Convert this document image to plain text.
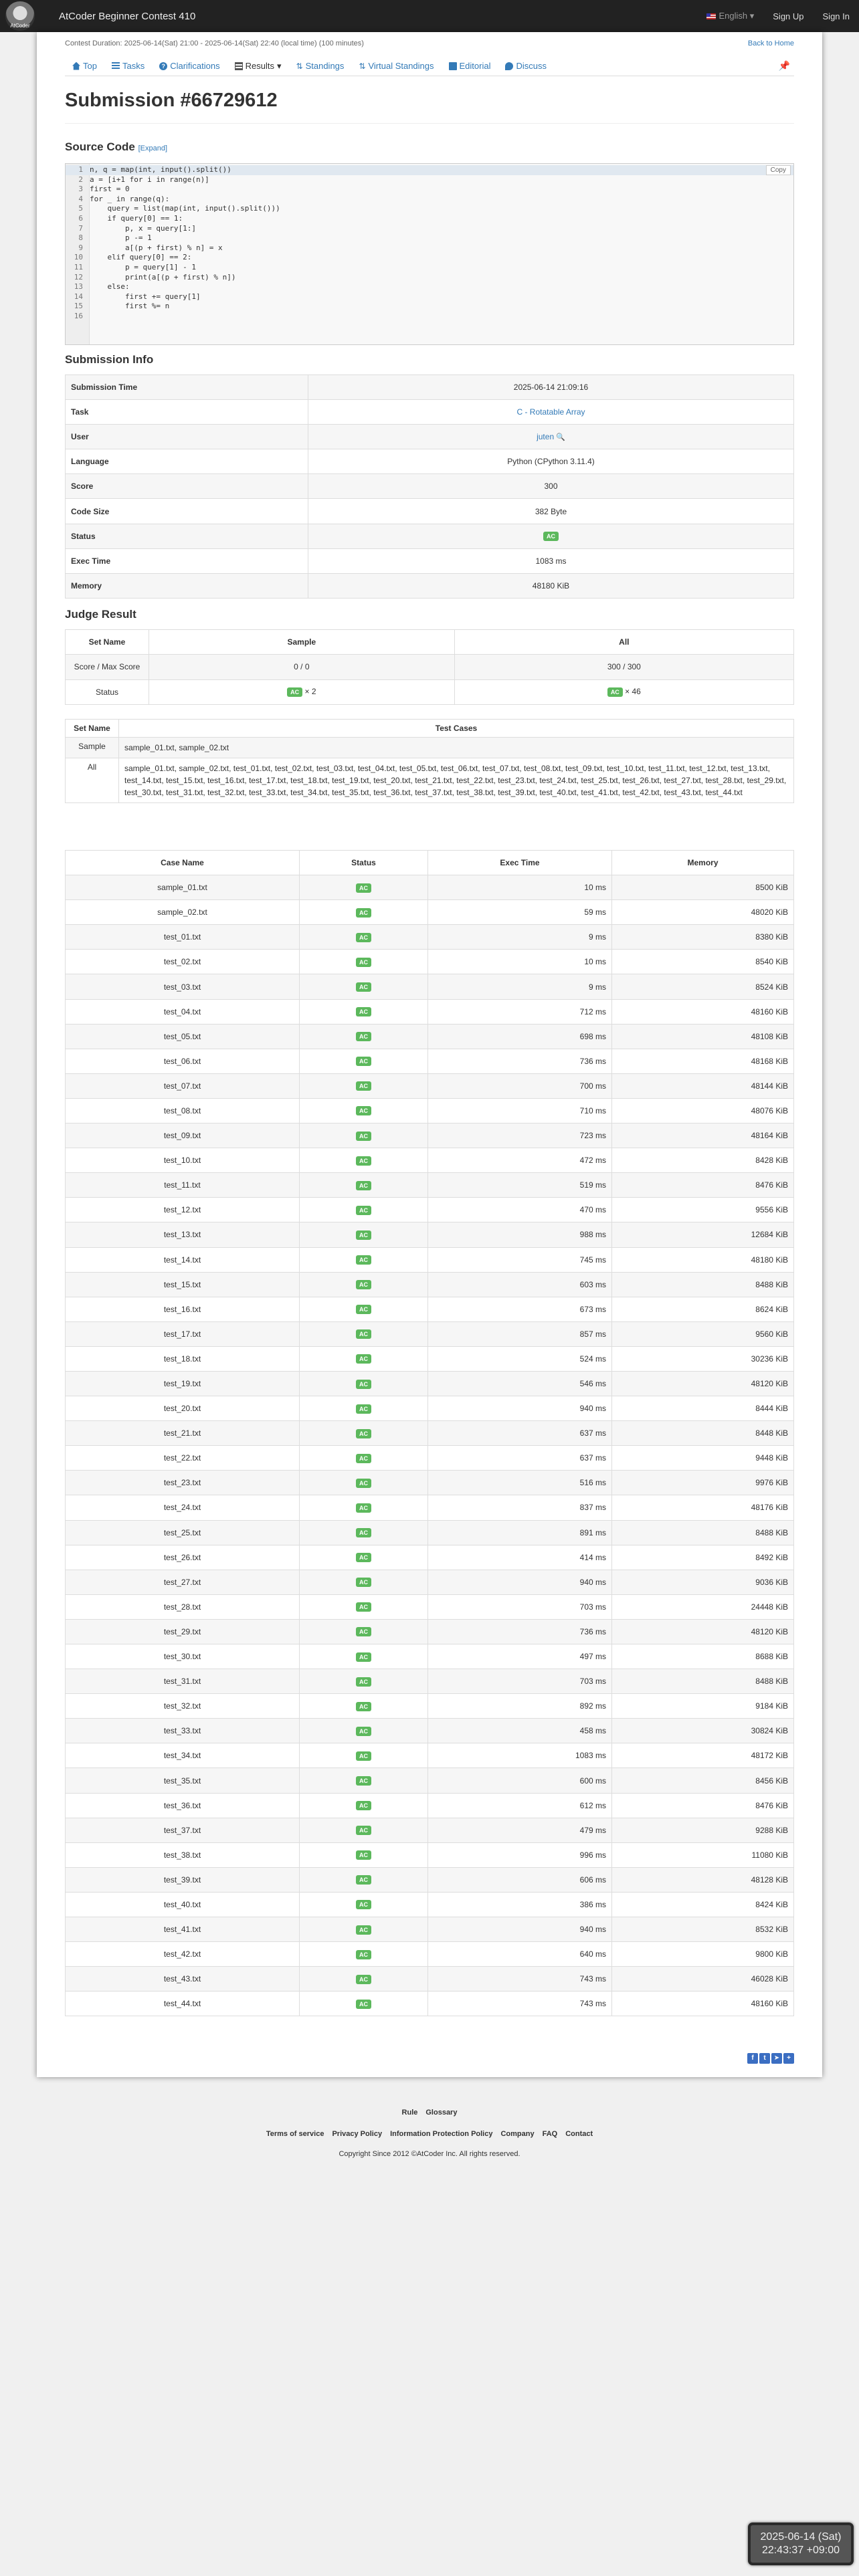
AtCoder
AtCoder Beginner Contest 410	English ▾ Sign Up Sign In
Contest Duration: 2025-06-14(Sat) 21:00 - 2025-06-14(Sat) 22:40 (local time) (100 minutes)	Back to Home
Top	Tasks	? Clarifications	Results ▾ ⇅ Standings ⇅ Virtual Standings	Editorial	Discuss	📌
Submission #66729612
Source Code [Expand]
1 n, q = map(int, input().split())
2 a = [i+1 for i in range(n)]
3 first = 0
4 for _ in range(q):
5 query = list(map(int, input().split()))
6 if query[0] == 1:
7 p, x = query[1:]
8 p -= 1
9 a[(p + first) % n] = x
10 elif query[0] == 2:
11 p = query[1] - 1
12 print(a[(p + first) % n])
13 else:
14 first += query[1]
15 first %= n
16
Copy
Submission Info
Submission Time	2025-06-14 21:09:16
Task	C - Rotatable Array
User	juten 🔍
Language	Python (CPython 3.11.4)
Score	300
Code Size	382 Byte
Status	AC
Exec Time	1083 ms
Memory	48180 KiB
Judge Result
Set Name	Sample	All
Score / Max Score	0 / 0	300 / 300
Status	AC × 2	AC × 46
Set Name	Test Cases
Sample	sample_01.txt, sample_02.txt
All	sample_01.txt, sample_02.txt, test_01.txt, test_02.txt, test_03.txt, test_04.txt, test_05.txt, test_06.txt, test_07.txt, test_08.txt, test_09.txt, test_10.txt, test_11.txt, test_12.txt, test_13.txt, test_14.txt, test_15.txt, test_16.txt, test_17.txt, test_18.txt, test_19.txt, test_20.txt, test_21.txt, test_22.txt, test_23.txt, test_24.txt, test_25.txt, test_26.txt, test_27.txt, test_28.txt, test_29.txt, test_30.txt, test_31.txt, test_32.txt, test_33.txt, test_34.txt, test_35.txt, test_36.txt, test_37.txt, test_38.txt, test_39.txt, test_40.txt, test_41.txt, test_42.txt, test_43.txt, test_44.txt
Case Name	Status	Exec Time	Memory
sample_01.txt	AC	10 ms	8500 KiB
sample_02.txt	AC	59 ms	48020 KiB
test_01.txt	AC	9 ms	8380 KiB
test_02.txt	AC	10 ms	8540 KiB
test_03.txt	AC	9 ms	8524 KiB
test_04.txt	AC	712 ms	48160 KiB
test_05.txt	AC	698 ms	48108 KiB
test_06.txt	AC	736 ms	48168 KiB
test_07.txt	AC	700 ms	48144 KiB
test_08.txt	AC	710 ms	48076 KiB
test_09.txt	AC	723 ms	48164 KiB
test_10.txt	AC	472 ms	8428 KiB
test_11.txt	AC	519 ms	8476 KiB
test_12.txt	AC	470 ms	9556 KiB
test_13.txt	AC	988 ms	12684 KiB
test_14.txt	AC	745 ms	48180 KiB
test_15.txt	AC	603 ms	8488 KiB
test_16.txt	AC	673 ms	8624 KiB
test_17.txt	AC	857 ms	9560 KiB
test_18.txt	AC	524 ms	30236 KiB
test_19.txt	AC	546 ms	48120 KiB
test_20.txt	AC	940 ms	8444 KiB
test_21.txt	AC	637 ms	8448 KiB
test_22.txt	AC	637 ms	9448 KiB
test_23.txt	AC	516 ms	9976 KiB
test_24.txt	AC	837 ms	48176 KiB
test_25.txt	AC	891 ms	8488 KiB
test_26.txt	AC	414 ms	8492 KiB
test_27.txt	AC	940 ms	9036 KiB
test_28.txt	AC	703 ms	24448 KiB
test_29.txt	AC	736 ms	48120 KiB
test_30.txt	AC	497 ms	8688 KiB
test_31.txt	AC	703 ms	8488 KiB
test_32.txt	AC	892 ms	9184 KiB
test_33.txt	AC	458 ms	30824 KiB
test_34.txt	AC	1083 ms	48172 KiB
test_35.txt	AC	600 ms	8456 KiB
test_36.txt	AC	612 ms	8476 KiB
test_37.txt	AC	479 ms	9288 KiB
test_38.txt	AC	996 ms	11080 KiB
test_39.txt	AC	606 ms	48128 KiB
test_40.txt	AC	386 ms	8424 KiB
test_41.txt	AC	940 ms	8532 KiB
test_42.txt	AC	640 ms	9800 KiB
test_43.txt	AC	743 ms	46028 KiB
test_44.txt	AC	743 ms	48160 KiB
f	t	➤	+
Rule Glossary
Terms of service Privacy Policy Information Protection Policy Company FAQ Contact
Copyright Since 2012 ©AtCoder Inc. All rights reserved.
2025-06-14 (Sat)
22:43:37 +09:00
